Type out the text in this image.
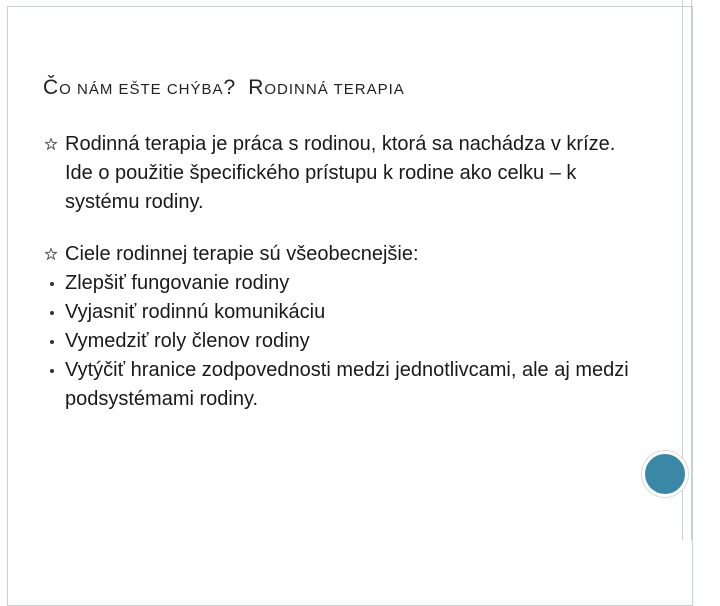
ČO NÁM EŠTE CHÝBA? RODINNÁ TERAPIA
Rodinná terapia je práca s rodinou, ktorá sa nachádza v kríze. Ide o použitie špecifického prístupu k rodine ako celku – k systému rodiny.
Ciele rodinnej terapie sú všeobecnejšie:
Zlepšiť fungovanie rodiny
Vyjasniť rodinnú komunikáciu
Vymedziť roly členov rodiny
Vytýčiť hranice zodpovednosti medzi jednotlivcami, ale aj medzi podsystémami rodiny.
